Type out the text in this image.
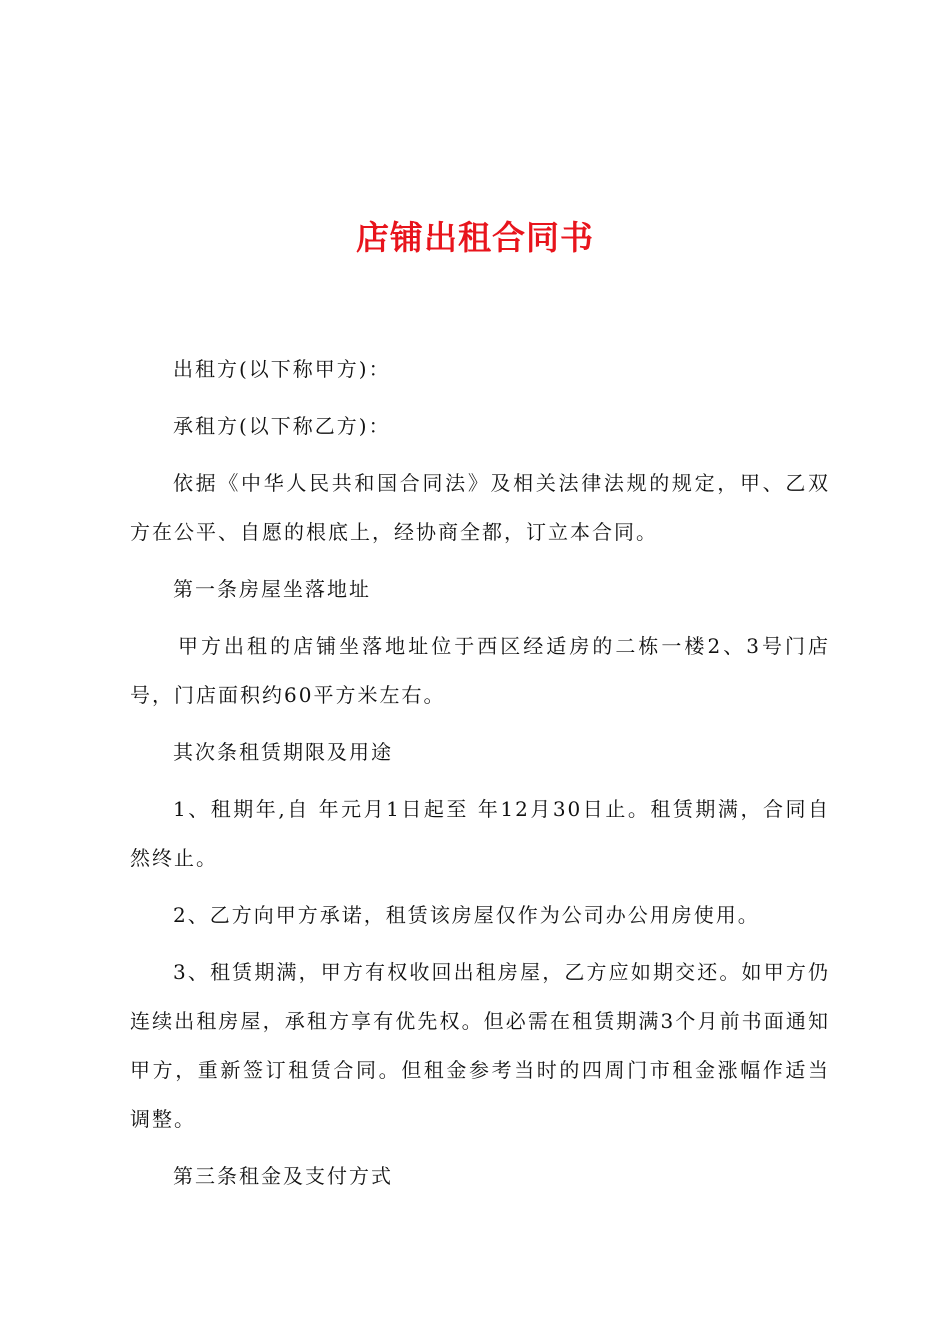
店铺出租合同书

出租方(以下称甲方)：

承租方(以下称乙方)：

依据《中华人民共和国合同法》及相关法律法规的规定，甲、乙双方在公平、自愿的根底上，经协商全都，订立本合同。

第一条房屋坐落地址

甲方出租的店铺坐落地址位于西区经适房的二栋一楼2、3号门店号，门店面积约60平方米左右。

其次条租赁期限及用途

1、租期年,自 年元月1日起至 年12月30日止。租赁期满，合同自然终止。

2、乙方向甲方承诺，租赁该房屋仅作为公司办公用房使用。

3、租赁期满，甲方有权收回出租房屋，乙方应如期交还。如甲方仍连续出租房屋，承租方享有优先权。但必需在租赁期满3个月前书面通知甲方，重新签订租赁合同。但租金参考当时的四周门市租金涨幅作适当调整。

第三条租金及支付方式
